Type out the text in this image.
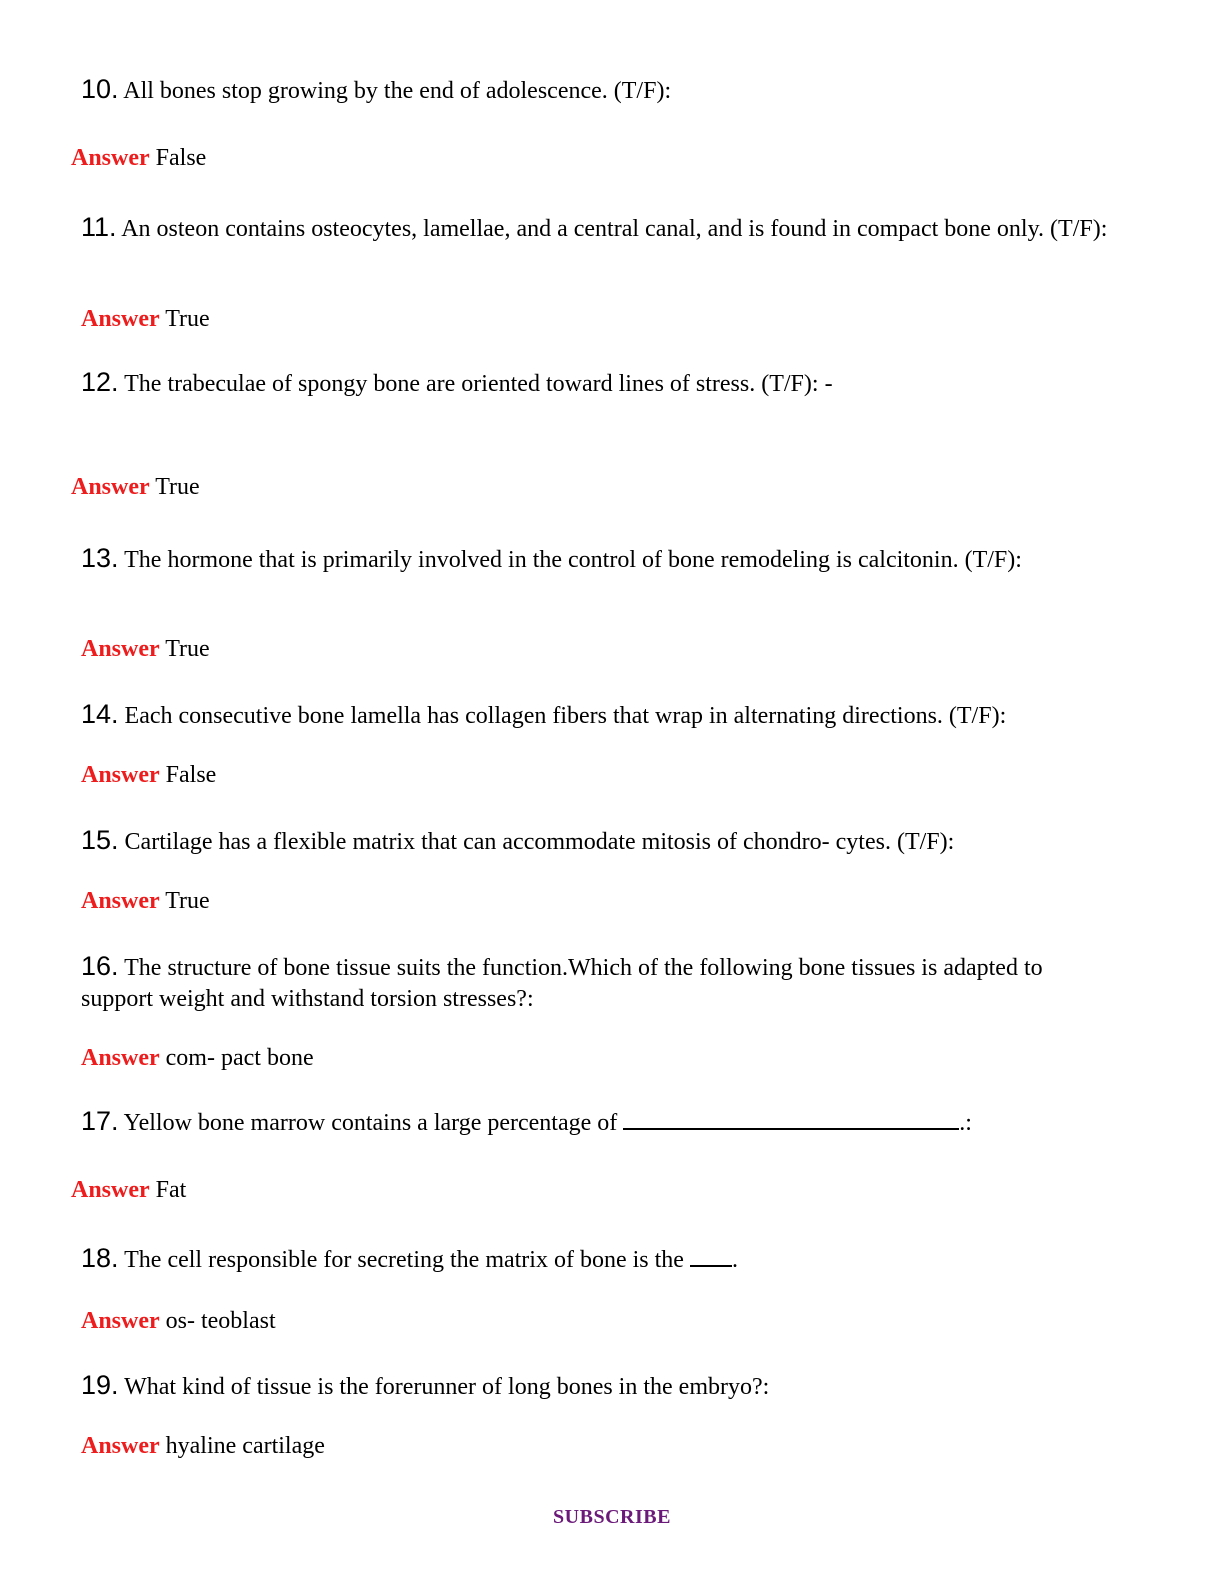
10. All bones stop growing by the end of adolescence. (T/F):
Answer False
11. An osteon contains osteocytes, lamellae, and a central canal, and is found in compact bone only. (T/F):
Answer True
12. The trabeculae of spongy bone are oriented toward lines of stress. (T/F): -
Answer True
13. The hormone that is primarily involved in the control of bone remodeling is calcitonin. (T/F):
Answer True
14. Each consecutive bone lamella has collagen fibers that wrap in alternating directions. (T/F):
Answer False
15. Cartilage has a flexible matrix that can accommodate mitosis of chondro- cytes. (T/F):
Answer True
16. The structure of bone tissue suits the function.Which of the following bone tissues is adapted to support weight and withstand torsion stresses?:
Answer com- pact bone
17. Yellow bone marrow contains a large percentage of	.:
Answer Fat
18. The cell responsible for secreting the matrix of bone is the .
Answer os- teoblast
19. What kind of tissue is the forerunner of long bones in the embryo?:
Answer hyaline cartilage
SUBSCRIBE
